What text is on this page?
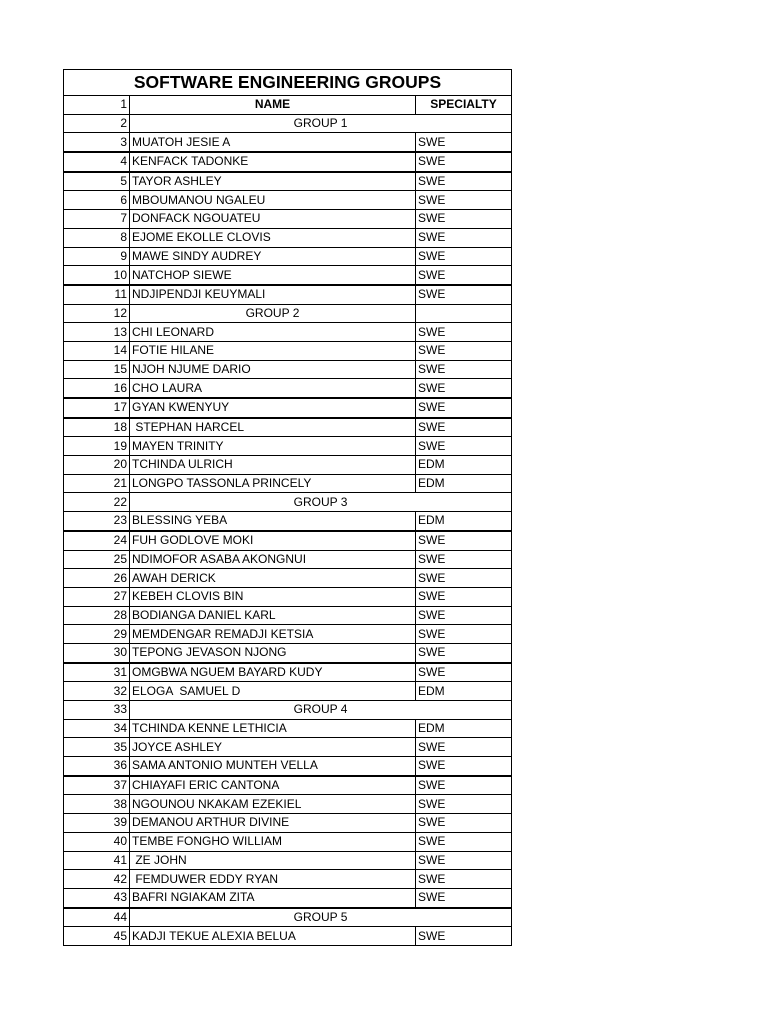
SOFTWARE ENGINEERING GROUPS		
1	NAME	SPECIALTY
2	GROUP 1	
3	MUATOH JESIE A	SWE
4	KENFACK TADONKE	SWE
5	TAYOR ASHLEY	SWE
6	MBOUMANOU NGALEU	SWE
7	DONFACK NGOUATEU	SWE
8	EJOME EKOLLE CLOVIS	SWE
9	MAWE SINDY AUDREY	SWE
10	NATCHOP SIEWE	SWE
11	NDJIPENDJI KEUYMALI	SWE
12	GROUP 2	
13	CHI LEONARD	SWE
14	FOTIE HILANE	SWE
15	NJOH NJUME DARIO	SWE
16	CHO LAURA	SWE
17	GYAN KWENYUY	SWE
18	STEPHAN HARCEL	SWE
19	MAYEN TRINITY	SWE
20	TCHINDA ULRICH	EDM
21	LONGPO TASSONLA PRINCELY	EDM
22	GROUP 3	
23	BLESSING YEBA	EDM
24	FUH GODLOVE MOKI	SWE
25	NDIMOFOR ASABA AKONGNUI	SWE
26	AWAH DERICK	SWE
27	KEBEH CLOVIS BIN	SWE
28	BODIANGA DANIEL KARL	SWE
29	MEMDENGAR REMADJI KETSIA	SWE
30	TEPONG JEVASON NJONG	SWE
31	OMGBWA NGUEM BAYARD KUDY	SWE
32	ELOGA  SAMUEL D	EDM
33	GROUP 4	
34	TCHINDA KENNE LETHICIA	EDM
35	JOYCE ASHLEY	SWE
36	SAMA ANTONIO MUNTEH VELLA	SWE
37	CHIAYAFI ERIC CANTONA	SWE
38	NGOUNOU NKAKAM EZEKIEL	SWE
39	DEMANOU ARTHUR DIVINE	SWE
40	TEMBE FONGHO WILLIAM	SWE
41	ZE JOHN	SWE
42	FEMDUWER EDDY RYAN	SWE
43	BAFRI NGIAKAM ZITA	SWE
44	GROUP 5	
45	KADJI TEKUE ALEXIA BELUA	SWE
